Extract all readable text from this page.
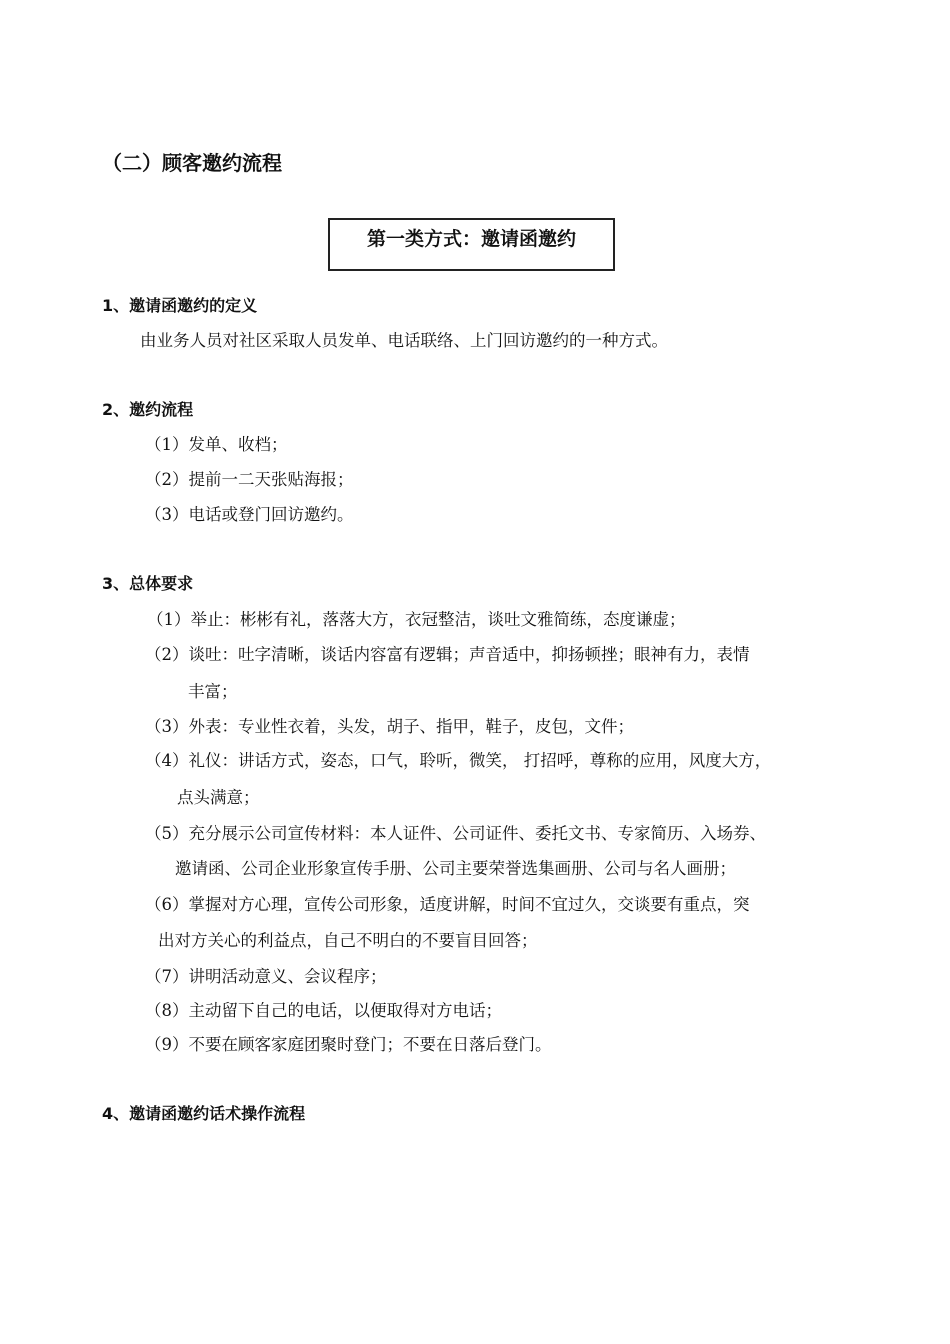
（二）顾客邀约流程
第一类方式：邀请函邀约
1、邀请函邀约的定义
由业务人员对社区采取人员发单、电话联络、上门回访邀约的一种方式。
2、邀约流程
（1）发单、收档；
（2）提前一二天张贴海报；
（3）电话或登门回访邀约。
3、总体要求
（1）举止：彬彬有礼，落落大方，衣冠整洁，谈吐文雅简练，态度谦虚；
（2）谈吐：吐字清晰，谈话内容富有逻辑；声音适中，抑扬顿挫；眼神有力，表情
丰富；
（3）外表：专业性衣着，头发，胡子、指甲，鞋子，皮包，文件；
（4）礼仪：讲话方式，姿态，口气，聆听，微笑， 打招呼，尊称的应用，风度大方，
点头满意；
（5）充分展示公司宣传材料：本人证件、公司证件、委托文书、专家简历、入场券、
邀请函、公司企业形象宣传手册、公司主要荣誉选集画册、公司与名人画册；
（6）掌握对方心理，宣传公司形象，适度讲解，时间不宜过久，交谈要有重点，突
出对方关心的利益点，自己不明白的不要盲目回答；
（7）讲明活动意义、会议程序；
（8）主动留下自己的电话，以便取得对方电话；
（9）不要在顾客家庭团聚时登门；不要在日落后登门。
4、邀请函邀约话术操作流程
